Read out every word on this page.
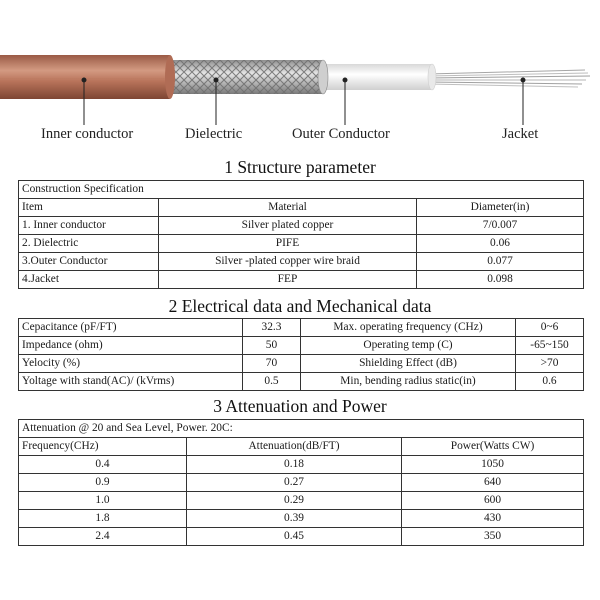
Inner conductor	Dielectric	Outer Conductor	Jacket
1 Structure parameter
Construction Specification		
Item	Material	Diameter(in)
1. Inner conductor	Silver plated copper	7/0.007
2. Dielectric	PIFE	0.06
3.Outer Conductor	Silver -plated copper wire braid	0.077
4.Jacket	FEP	0.098
2 Electrical data and Mechanical data
Cepacitance (pF/FT)	32.3	Max. operating frequency (CHz)	0~6
Impedance (ohm)	50	Operating temp (C)	-65~150
Yelocity (%)	70	Shielding Effect (dB)	>70
Yoltage with stand(AC)/ (kVrms)	0.5	Min, bending radius static(in)	0.6
3 Attenuation and Power
Attenuation @ 20 and Sea Level, Power. 20C:		
Frequency(CHz)	Attenuation(dB/FT)	Power(Watts CW)
0.4	0.18	1050
0.9	0.27	640
1.0	0.29	600
1.8	0.39	430
2.4	0.45	350
